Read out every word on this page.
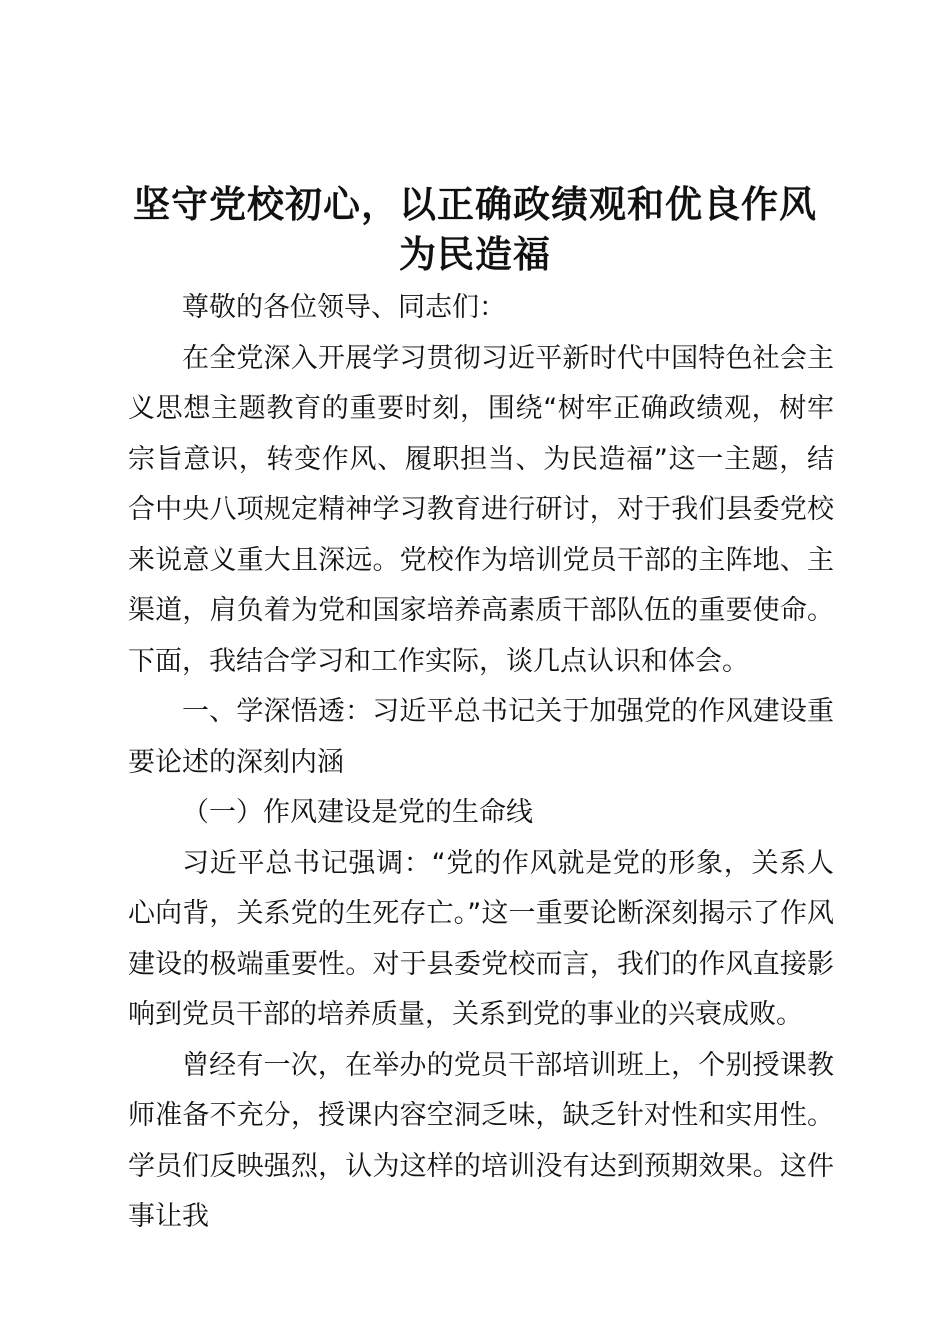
坚守党校初心，以正确政绩观和优良作风为民造福

尊敬的各位领导、同志们：

在全党深入开展学习贯彻习近平新时代中国特色社会主义思想主题教育的重要时刻，围绕“树牢正确政绩观，树牢宗旨意识，转变作风、履职担当、为民造福”这一主题，结合中央八项规定精神学习教育进行研讨，对于我们县委党校来说意义重大且深远。党校作为培训党员干部的主阵地、主渠道，肩负着为党和国家培养高素质干部队伍的重要使命。下面，我结合学习和工作实际，谈几点认识和体会。

一、学深悟透：习近平总书记关于加强党的作风建设重要论述的深刻内涵

（一）作风建设是党的生命线

习近平总书记强调：“党的作风就是党的形象，关系人心向背，关系党的生死存亡。”这一重要论断深刻揭示了作风建设的极端重要性。对于县委党校而言，我们的作风直接影响到党员干部的培养质量，关系到党的事业的兴衰成败。

曾经有一次，在举办的党员干部培训班上，个别授课教师准备不充分，授课内容空洞乏味，缺乏针对性和实用性。学员们反映强烈，认为这样的培训没有达到预期效果。这件事让我
